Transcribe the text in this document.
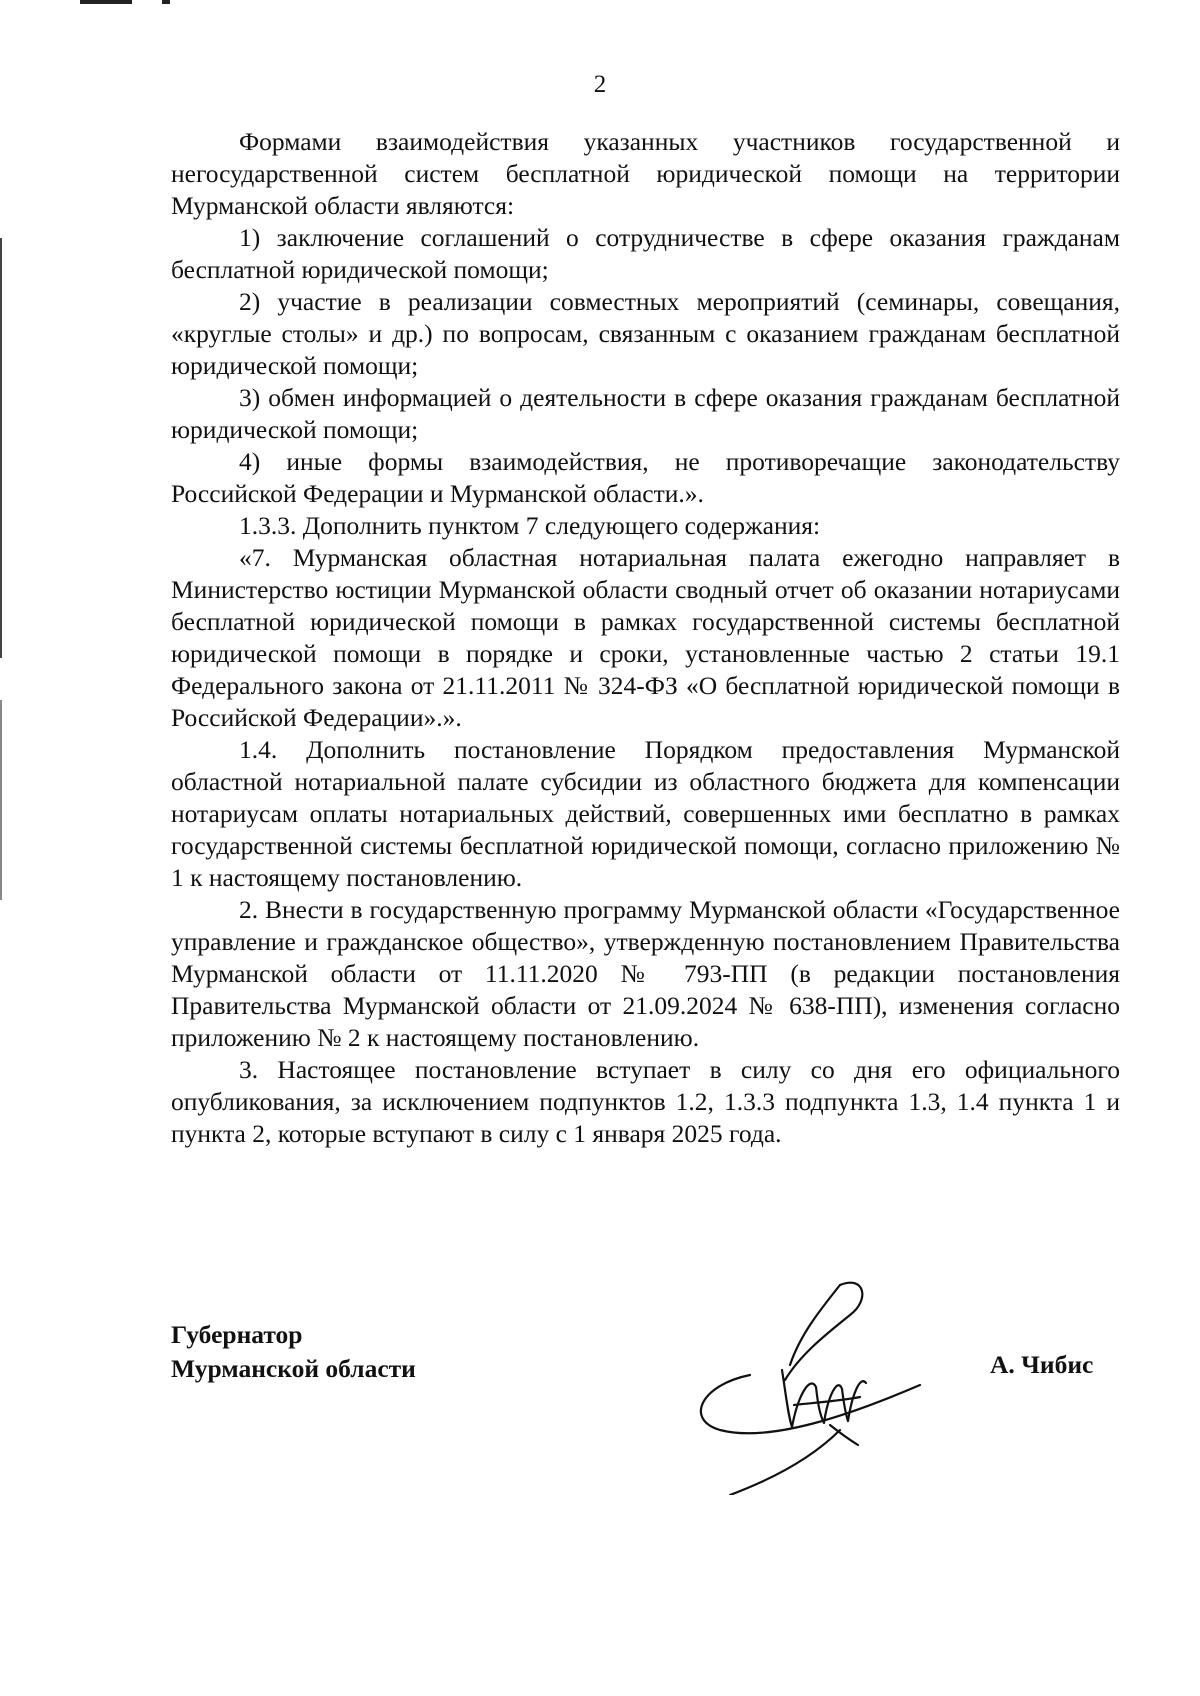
2

Формами взаимодействия указанных участников государственной и негосударственной систем бесплатной юридической помощи на территории Мурманской области являются:

1) заключение соглашений о сотрудничестве в сфере оказания гражданам бесплатной юридической помощи;

2) участие в реализации совместных мероприятий (семинары, совещания, «круглые столы» и др.) по вопросам, связанным с оказанием гражданам бесплатной юридической помощи;

3) обмен информацией о деятельности в сфере оказания гражданам бесплатной юридической помощи;

4) иные формы взаимодействия, не противоречащие законодательству Российской Федерации и Мурманской области.».

1.3.3. Дополнить пунктом 7 следующего содержания:

«7. Мурманская областная нотариальная палата ежегодно направляет в Министерство юстиции Мурманской области сводный отчет об оказании нотариусами бесплатной юридической помощи в рамках государственной системы бесплатной юридической помощи в порядке и сроки, установленные частью 2 статьи 19.1 Федерального закона от 21.11.2011 № 324-ФЗ «О бесплатной юридической помощи в Российской Федерации».».

1.4. Дополнить постановление Порядком предоставления Мурманской областной нотариальной палате субсидии из областного бюджета для компенсации нотариусам оплаты нотариальных действий, совершенных ими бесплатно в рамках государственной системы бесплатной юридической помощи, согласно приложению № 1 к настоящему постановлению.

2. Внести в государственную программу Мурманской области «Государственное управление и гражданское общество», утвержденную постановлением Правительства Мурманской области от 11.11.2020 № 793-ПП (в редакции постановления Правительства Мурманской области от 21.09.2024 № 638-ПП), изменения согласно приложению № 2 к настоящему постановлению.

3. Настоящее постановление вступает в силу со дня его официального опубликования, за исключением подпунктов 1.2, 1.3.3 подпункта 1.3, 1.4 пункта 1 и пункта 2, которые вступают в силу с 1 января 2025 года.

Губернатор
Мурманской области	А. Чибис
